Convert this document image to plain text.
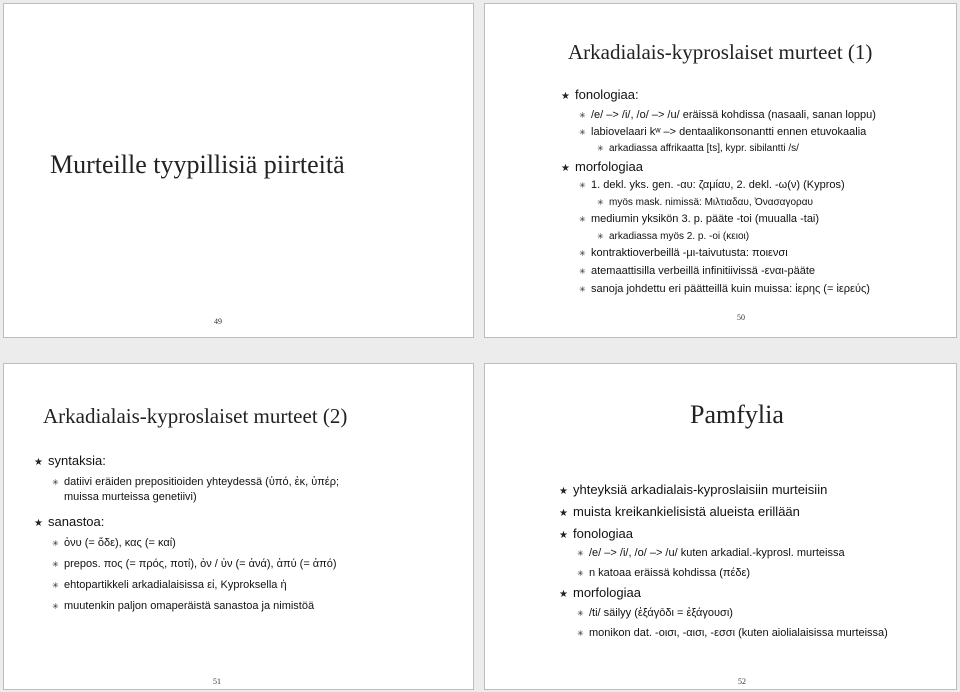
Murteille tyypillisiä piirteitä
49
Arkadialais-kyproslaiset murteet (1)
★ fonologiaa:
✳ /e/ –> /i/, /o/ –> /u/ eräissä kohdissa (nasaali, sanan loppu)
✳ labiovelaari kʷ –> dentaalikonsonantti ennen etuvokaalia
✳ arkadiassa affrikaatta [ts], kypr. sibilantti /s/
★ morfologiaa
✳ 1. dekl. yks. gen. -αυ: ζαμίαυ, 2. dekl. -ω(ν) (Kypros)
✳ myös mask. nimissä: Μιλτιαδαυ, Ὀνασαγοραυ
✳ mediumin yksikön 3. p. pääte -toi (muualla -tai)
✳ arkadiassa myös 2. p. -oi (κειοι)
✳ kontraktioverbeillä -μι-taivutusta: ποιενσι
✳ atemaattisilla verbeillä infinitiivissä -εναι-pääte
✳ sanoja johdettu eri päätteillä kuin muissa: ἱερης (= ἱερεύς)
50
Arkadialais-kyproslaiset murteet (2)
★ syntaksia:
✳ datiivi eräiden prepositioiden yhteydessä (ὑπό, ἐκ, ὑπέρ;
muissa murteissa genetiivi)
★ sanastoa:
✳ ὀνυ (= ὅδε), κας (= καί)
✳ prepos. πος (= πρός, ποτί), ὀν / ὐν (= ἀνά), ἀπύ (= ἀπό)
✳ ehtopartikkeli arkadialaisissa εἰ, Kyproksella ἠ
✳ muutenkin paljon omaperäistä sanastoa ja nimistöä
51
Pamfylia
★ yhteyksiä arkadialais-kyproslaisiin murteisiin
★ muista kreikankielisistä alueista erillään
★ fonologiaa
✳ /e/ –> /i/, /o/ –> /u/ kuten arkadial.-kyprosl. murteissa
✳ n katoaa eräissä kohdissa (πέδε)
★ morfologiaa
✳ /ti/ säilyy (ἐξάγōδι = ἐξάγουσι)
✳ monikon dat. -οισι, -αισι, -εσσι (kuten aiolialaisissa murteissa)
52
